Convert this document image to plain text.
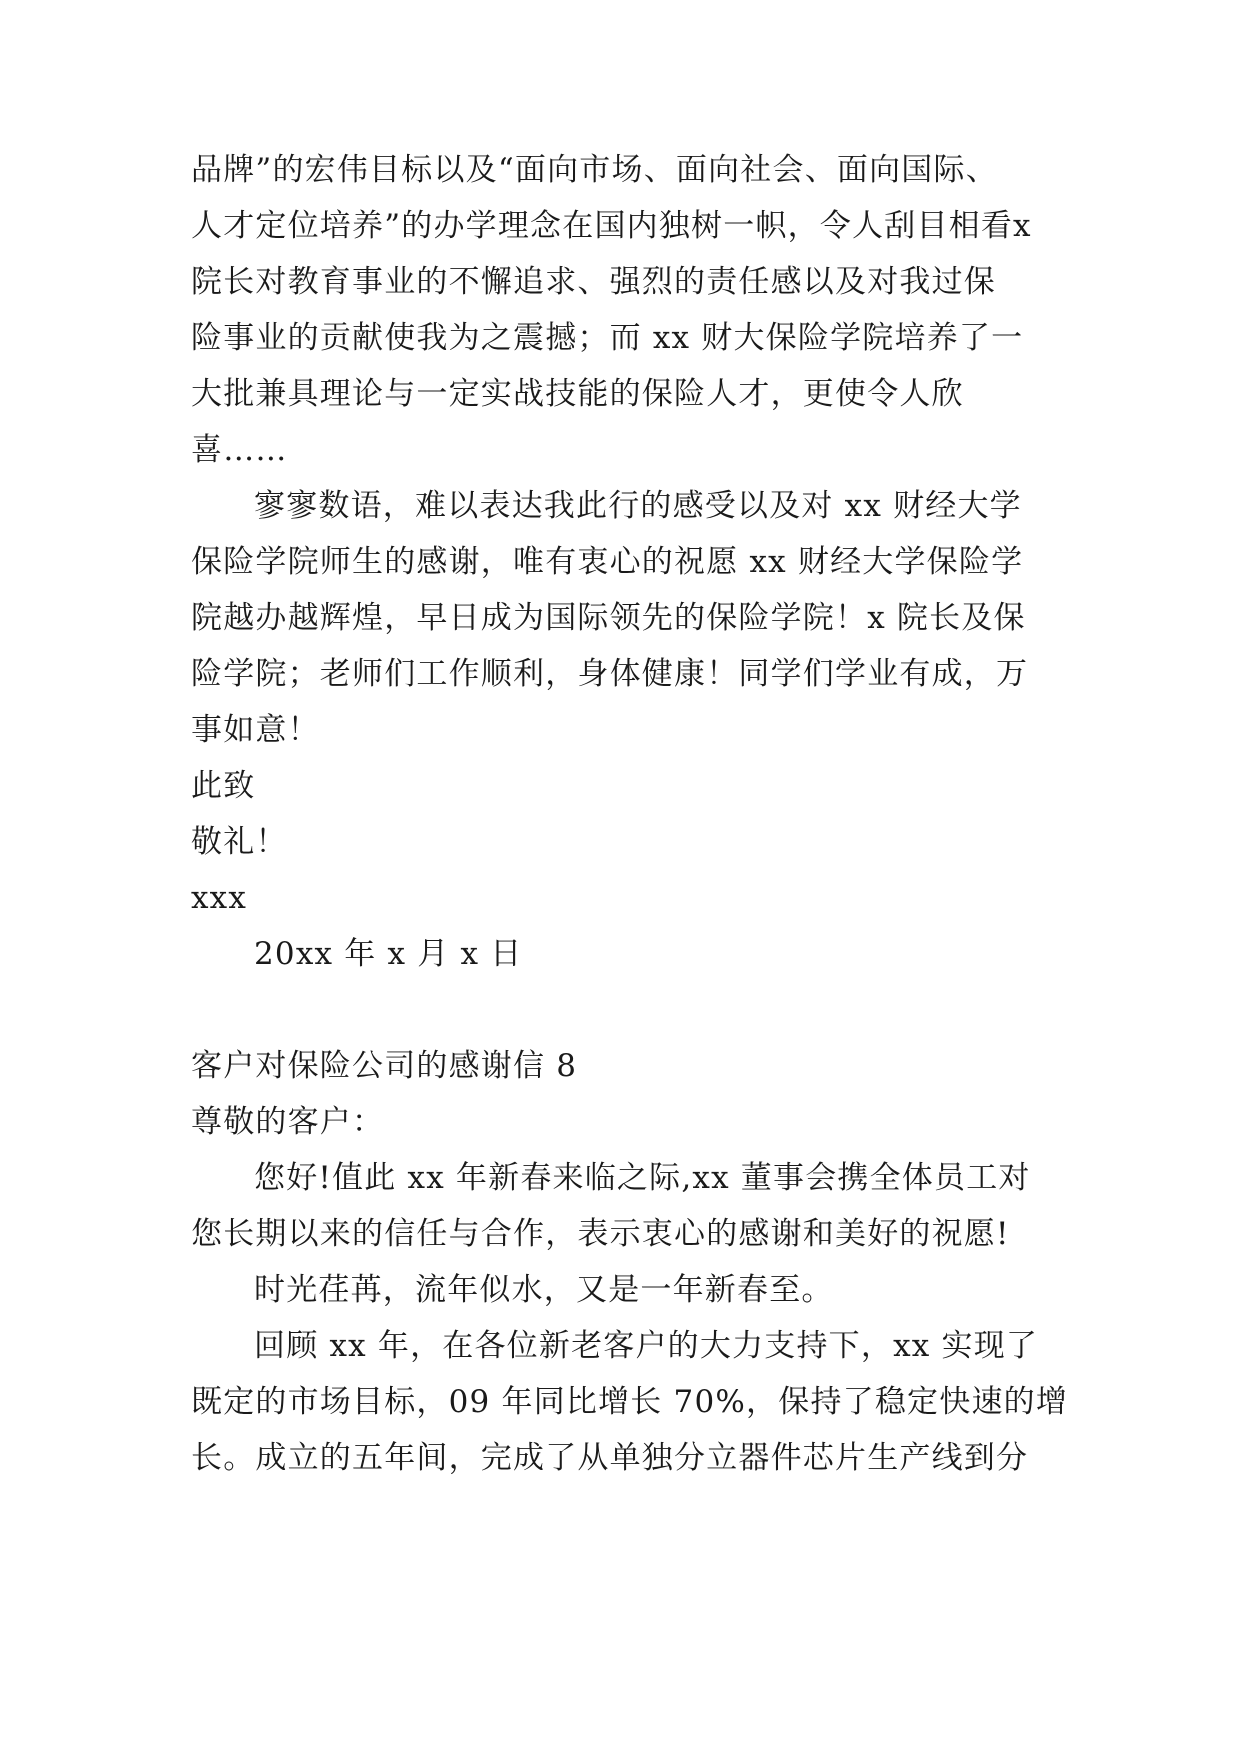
品牌”的宏伟目标以及“面向市场、面向社会、面向国际、
人才定位培养”的办学理念在国内独树一帜，令人刮目相看x
院长对教育事业的不懈追求、强烈的责任感以及对我过保
险事业的贡献使我为之震撼；而 xx 财大保险学院培养了一
大批兼具理论与一定实战技能的保险人才，更使令人欣
喜……
寥寥数语，难以表达我此行的感受以及对 xx 财经大学
保险学院师生的感谢，唯有衷心的祝愿 xx 财经大学保险学
院越办越辉煌，早日成为国际领先的保险学院！x 院长及保
险学院；老师们工作顺利，身体健康！同学们学业有成，万
事如意！
此致
敬礼！
xxx
20xx 年 x 月 x 日
客户对保险公司的感谢信 8
尊敬的客户：
您好!值此 xx 年新春来临之际,xx 董事会携全体员工对
您长期以来的信任与合作，表示衷心的感谢和美好的祝愿!
时光荏苒，流年似水，又是一年新春至。
回顾 xx 年，在各位新老客户的大力支持下，xx 实现了
既定的市场目标，09 年同比增长 70%，保持了稳定快速的增
长。成立的五年间，完成了从单独分立器件芯片生产线到分
